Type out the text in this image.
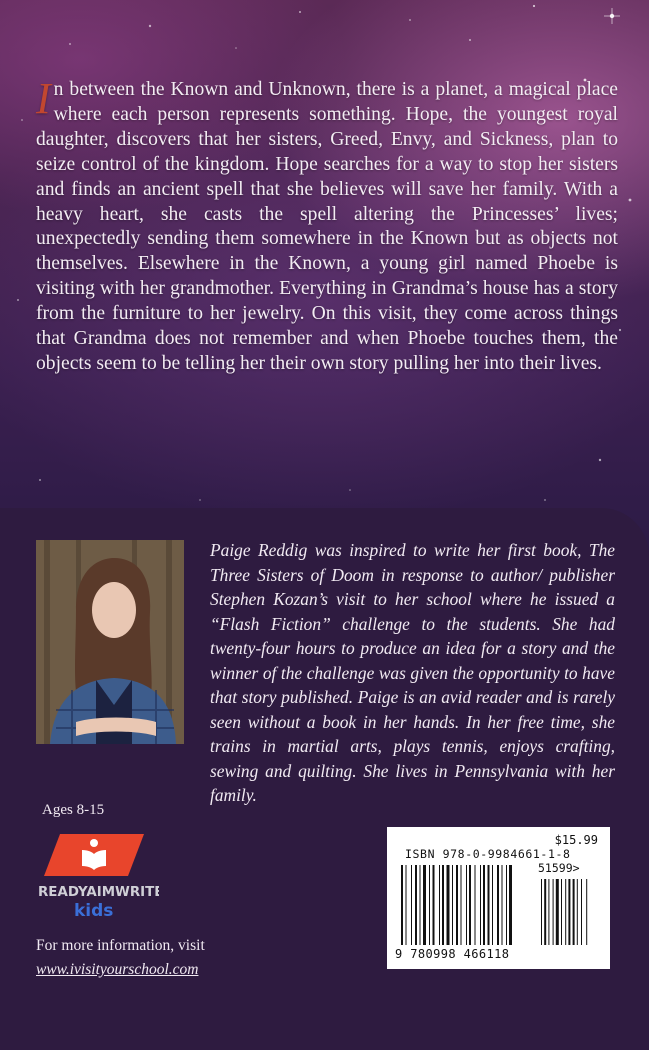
In between the Known and Unknown, there is a planet, a magical place where each person represents something. Hope, the youngest royal daughter, discovers that her sisters, Greed, Envy, and Sickness, plan to seize control of the kingdom. Hope searches for a way to stop her sisters and finds an ancient spell that she believes will save her family. With a heavy heart, she casts the spell altering the Princesses’ lives; unexpectedly sending them somewhere in the Known but as objects not themselves. Elsewhere in the Known, a young girl named Phoebe is visiting with her grandmother. Everything in Grandma’s house has a story from the furniture to her jewelry. On this visit, they come across things that Grandma does not remember and when Phoebe touches them, the objects seem to be telling her their own story pulling her into their lives.
Paige Reddig was inspired to write her first book, The Three Sisters of Doom in response to author/ publisher Stephen Kozan’s visit to her school where he issued a “Flash Fiction” challenge to the students. She had twenty-four hours to produce an idea for a story and the winner of the challenge was given the opportunity to have that story published. Paige is an avid reader and is rarely seen without a book in her hands. In her free time, she trains in martial arts, plays tennis, enjoys crafting, sewing and quilting. She lives in Pennsylvania with her family.
Ages 8-15
READYAIMWRITE
kids
For more information, visit
www.ivisityourschool.com
$15.99
ISBN 978-0-9984661-1-8
51599>
9 780998 466118
